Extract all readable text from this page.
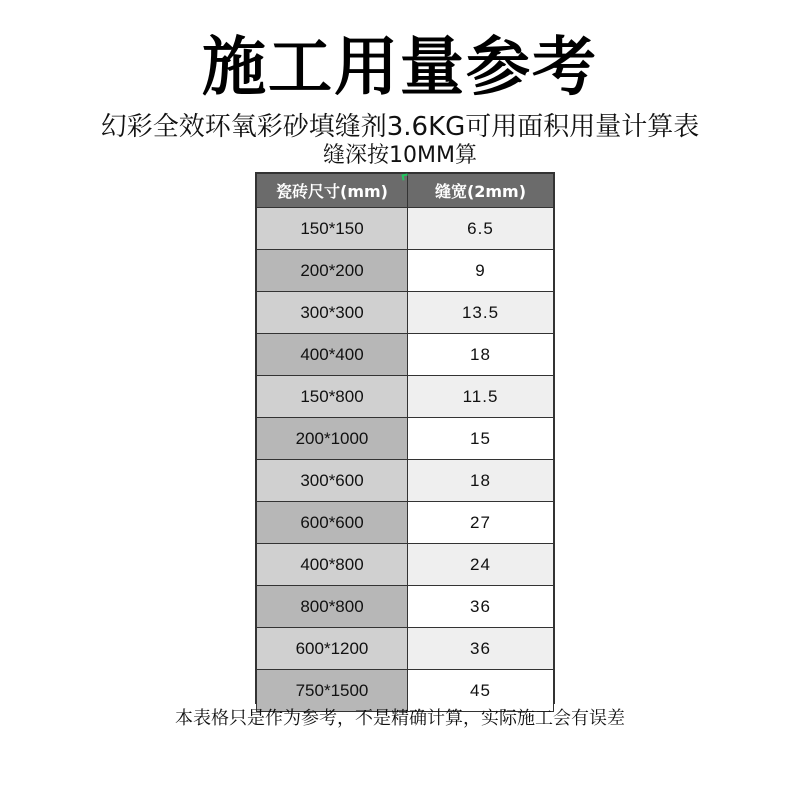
施工用量参考
幻彩全效环氧彩砂填缝剂3.6KG可用面积用量计算表
缝深按10MM算
瓷砖尺寸(mm)	缝宽(2mm)
150*150	6.5
200*200	9
300*300	13.5
400*400	18
150*800	11.5
200*1000	15
300*600	18
600*600	27
400*800	24
800*800	36
600*1200	36
750*1500	45
本表格只是作为参考，不是精确计算，实际施工会有误差
